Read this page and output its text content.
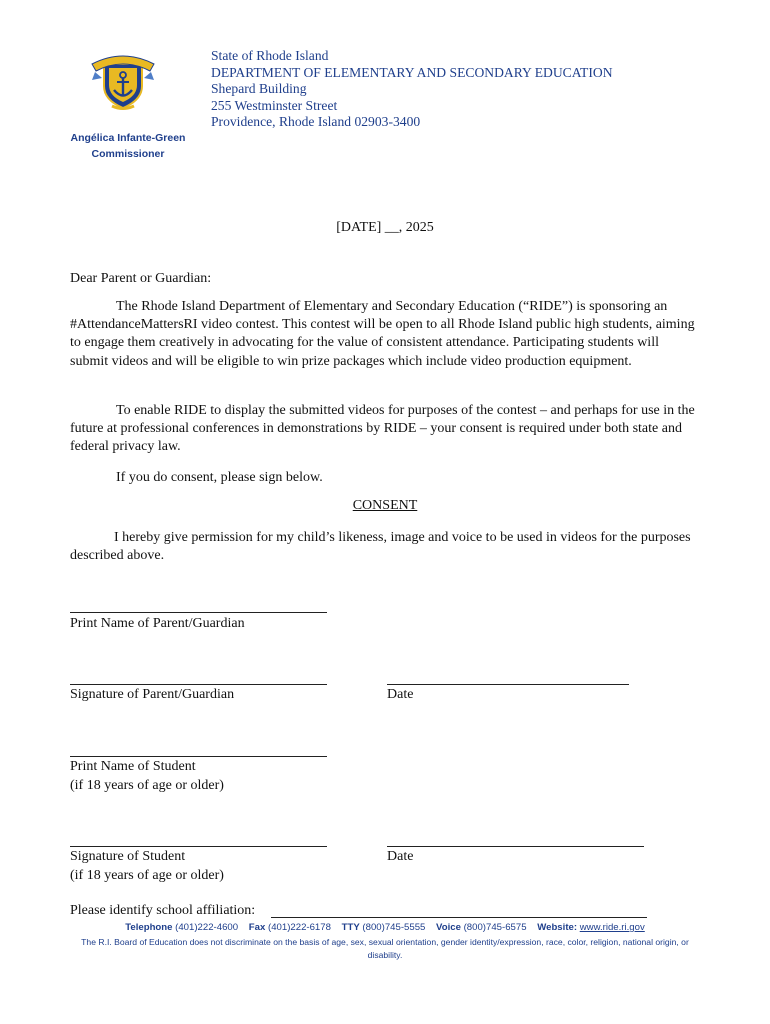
State of Rhode Island
DEPARTMENT OF ELEMENTARY AND SECONDARY EDUCATION
Shepard Building
255 Westminster Street
Providence, Rhode Island 02903-3400
Angélica Infante-Green
Commissioner
[DATE] __, 2025
Dear Parent or Guardian:
The Rhode Island Department of Elementary and Secondary Education (“RIDE”) is sponsoring an #AttendanceMattersRI video contest. This contest will be open to all Rhode Island public high students, aiming to engage them creatively in advocating for the value of consistent attendance. Participating students will submit videos and will be eligible to win prize packages which include video production equipment.
To enable RIDE to display the submitted videos for purposes of the contest – and perhaps for use in the future at professional conferences in demonstrations by RIDE – your consent is required under both state and federal privacy law.
If you do consent, please sign below.
CONSENT
I hereby give permission for my child’s likeness, image and voice to be used in videos for the purposes described above.
Print Name of Parent/Guardian
Signature of Parent/Guardian	Date
Print Name of Student
(if 18 years of age or older)
Signature of Student
(if 18 years of age or older)
Date
Please identify school affiliation:
Telephone (401)222-4600 Fax (401)222-6178 TTY (800)745-5555 Voice (800)745-6575 Website: www.ride.ri.gov
The R.I. Board of Education does not discriminate on the basis of age, sex, sexual orientation, gender identity/expression, race, color, religion, national origin, or disability.
